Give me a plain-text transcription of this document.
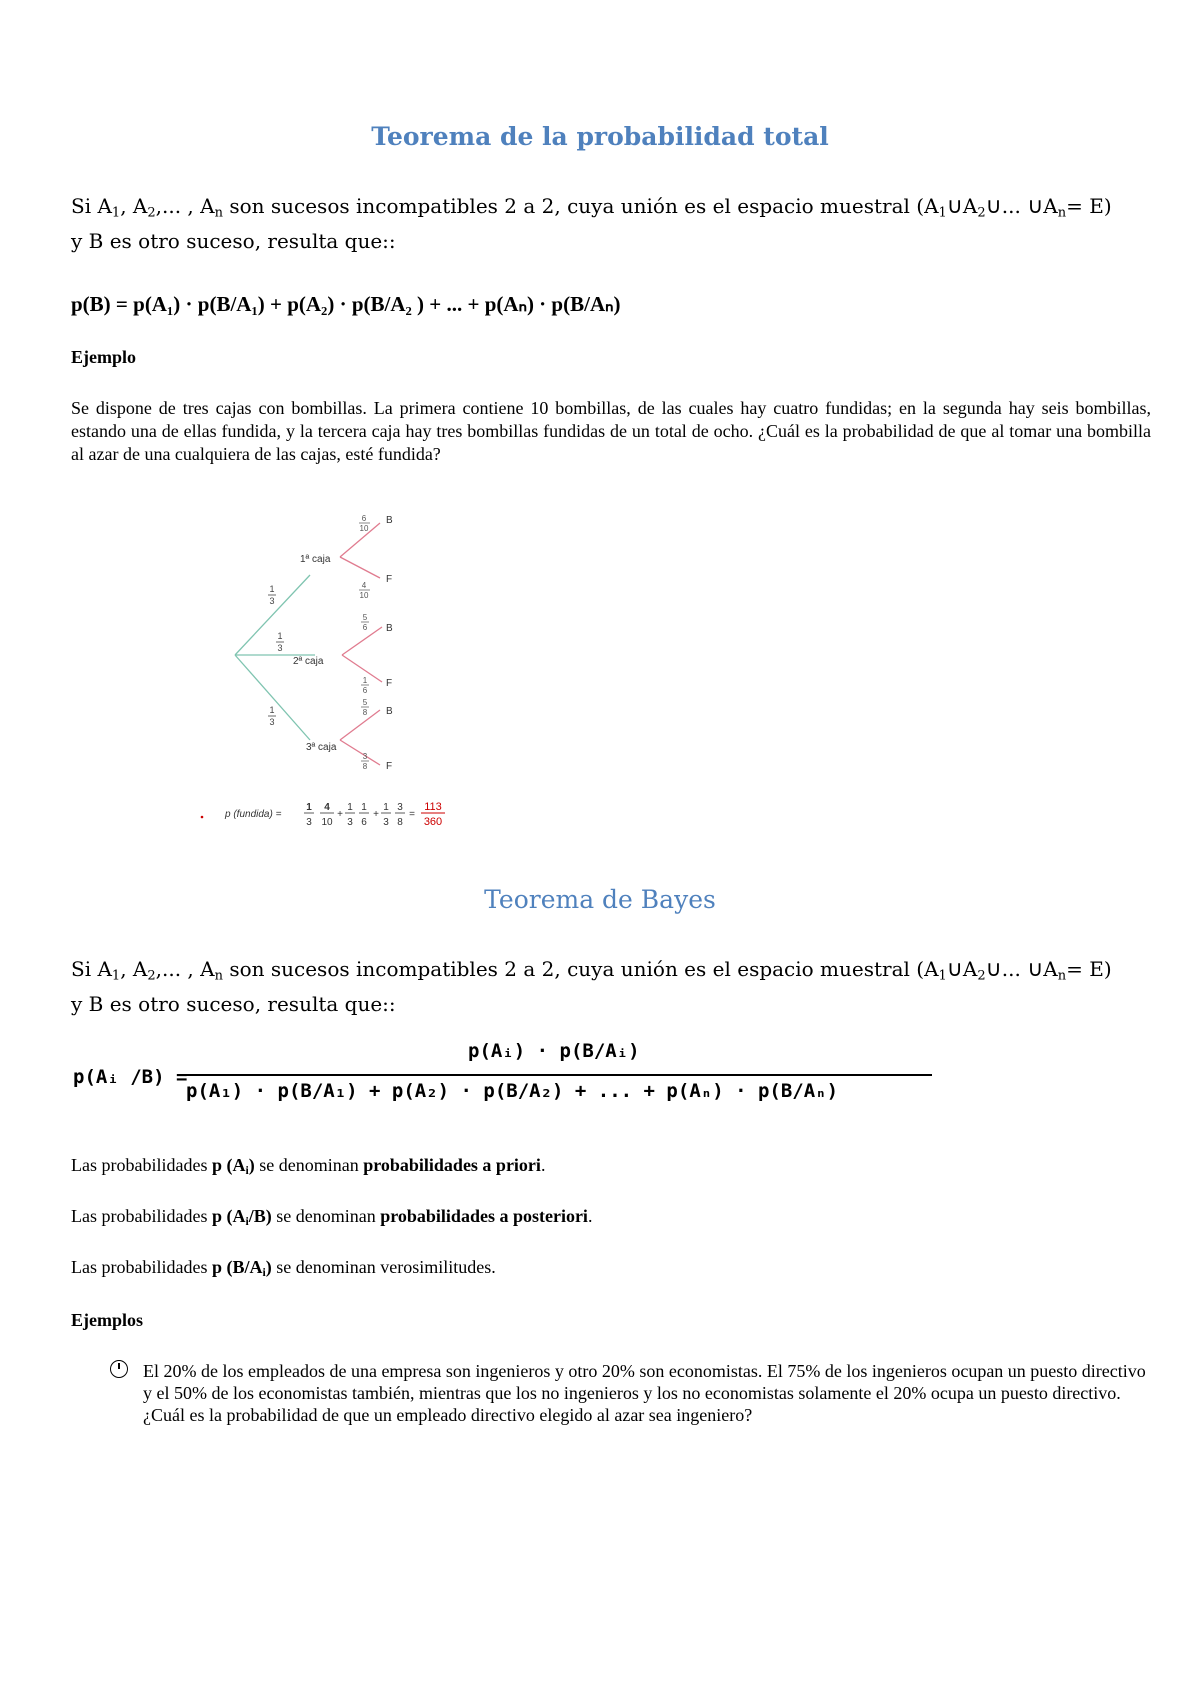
Teorema de la probabilidad total
Si $A_1$, $A_2$,... , $A_n$ son sucesos incompatibles 2 a 2, cuya unión es el espacio muestral ($A_1\cup A_2\cup$... $\cup A_n= E$)
y B es otro suceso, resulta que::
p(B) = p(A₁) · p(B/A₁) + p(A₂) · p(B/A₂ ) + ... + p(Aₙ) · p(B/Aₙ)
Ejemplo
Se dispone de tres cajas con bombillas. La primera contiene 10 bombillas, de las cuales hay cuatro fundidas; en la segunda hay seis bombillas, estando una de ellas fundida, y la tercera caja hay tres bombillas fundidas de un total de ocho. ¿Cuál es la probabilidad de que al tomar una bombilla al azar de una cualquiera de las cajas, esté fundida?
1
3
1
3
1
3
1ª caja
2ª caja
3ª caja
6
10
4
10
5
6
1
6
5
8
3
8
B
F
B
F
B
F
p (fundida) =
1
3
4
10
+
1
3
1
6
+
1
3
3
8
=
113
360
Teorema de Bayes
Si $A_1$, $A_2$,... , $A_n$ son sucesos incompatibles 2 a 2, cuya unión es el espacio muestral ($A_1\cup A_2\cup$... $\cup A_n= E$)
y B es otro suceso, resulta que::
p(Aᵢ /B) =
p(Aᵢ) · p(B/Aᵢ)
p(A₁) · p(B/A₁) + p(A₂) · p(B/A₂) + ... + p(Aₙ) · p(B/Aₙ)
Las probabilidades p $(A_i)$ se denominan probabilidades a priori.
Las probabilidades p $(A_i/B)$ se denominan probabilidades a posteriori.
Las probabilidades p $(B/A_i)$ se denominan verosimilitudes.
Ejemplos
El 20% de los empleados de una empresa son ingenieros y otro 20% son economistas. El 75% de los ingenieros ocupan un puesto directivo y el 50% de los economistas también, mientras que los no ingenieros y los no economistas solamente el 20% ocupa un puesto directivo. ¿Cuál es la probabilidad de que un empleado directivo elegido al azar sea ingeniero?
